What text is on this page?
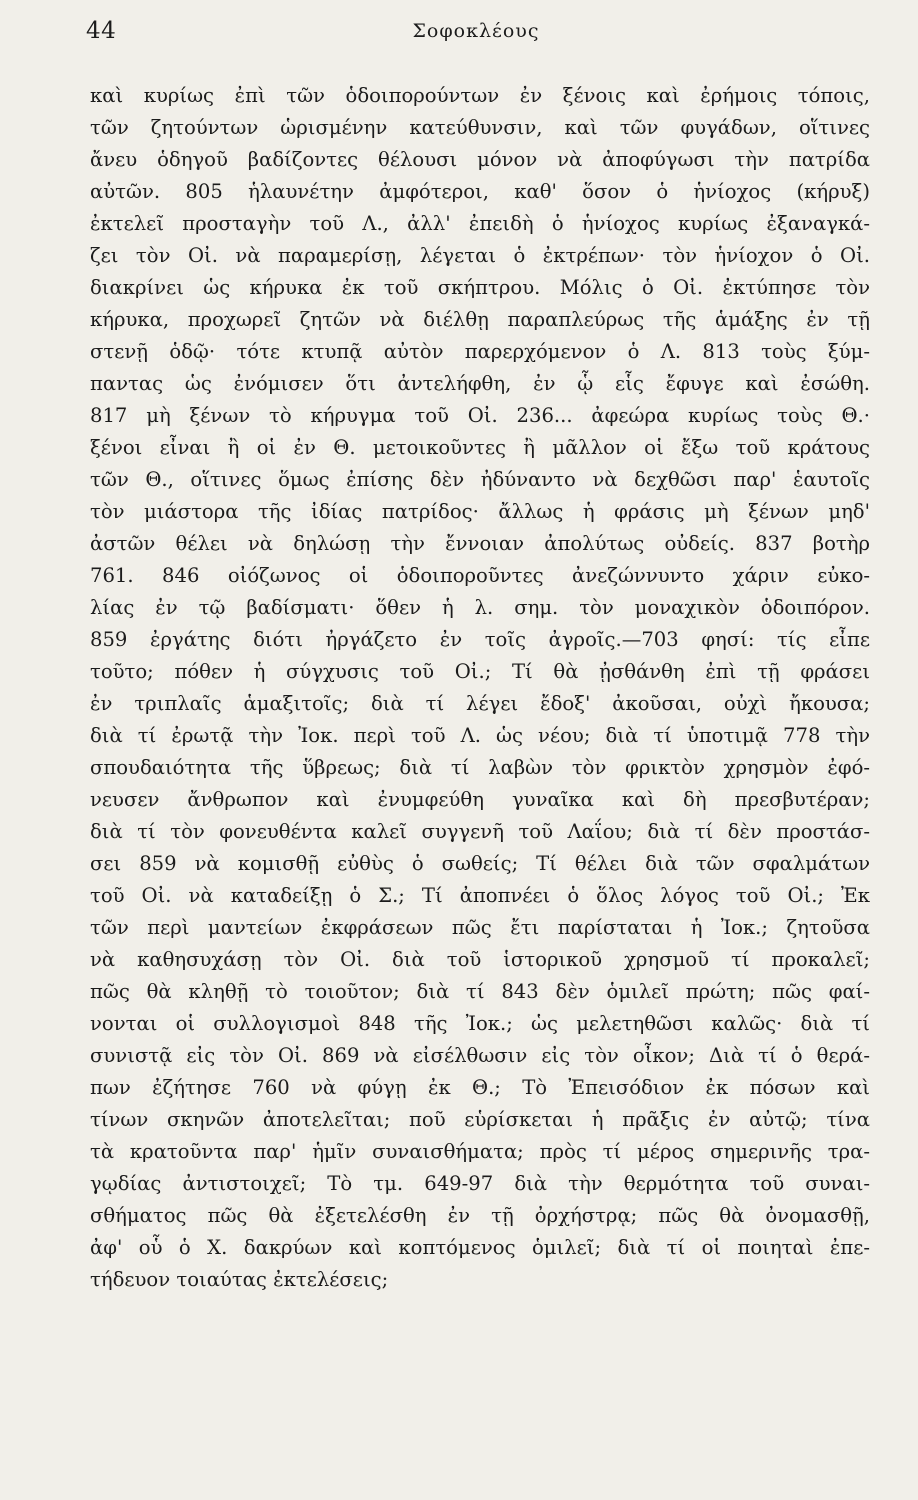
44	Σοφοκλέους
καὶ κυρίως ἐπὶ τῶν ὁδοιπορούντων ἐν ξένοις καὶ ἐρήμοις τόποις,
τῶν ζητούντων ὡρισμένην κατεύθυνσιν, καὶ τῶν φυγάδων, οἵτινες
ἄνευ ὁδηγοῦ βαδίζοντες θέλουσι μόνον νὰ ἀποφύγωσι τὴν πατρίδα
αὐτῶν. 805 ἡλαυνέτην ἀμφότεροι, καθ' ὅσον ὁ ἡνίοχος (κήρυξ)
ἐκτελεῖ προσταγὴν τοῦ Λ., ἀλλ' ἐπειδὴ ὁ ἡνίοχος κυρίως ἐξαναγκά-
ζει τὸν Οἰ. νὰ παραμερίσῃ, λέγεται ὁ ἐκτρέπων· τὸν ἡνίοχον ὁ Οἰ.
διακρίνει ὡς κήρυκα ἐκ τοῦ σκήπτρου. Μόλις ὁ Οἰ. ἐκτύπησε τὸν
κήρυκα, προχωρεῖ ζητῶν νὰ διέλθῃ παραπλεύρως τῆς ἁμάξης ἐν τῇ
στενῇ ὁδῷ· τότε κτυπᾷ αὐτὸν παρερχόμενον ὁ Λ. 813 τοὺς ξύμ-
παντας ὡς ἐνόμισεν ὅτι ἀντελήφθη, ἐν ᾧ εἷς ἔφυγε καὶ ἐσώθη.
817 μὴ ξένων τὸ κήρυγμα τοῦ Οἰ. 236... ἀφεώρα κυρίως τοὺς Θ.·
ξένοι εἶναι ἢ οἱ ἐν Θ. μετοικοῦντες ἢ μᾶλλον οἱ ἔξω τοῦ κράτους
τῶν Θ., οἵτινες ὅμως ἐπίσης δὲν ἠδύναντο νὰ δεχθῶσι παρ' ἑαυτοῖς
τὸν μιάστορα τῆς ἰδίας πατρίδος· ἄλλως ἡ φράσις μὴ ξένων μηδ'
ἀστῶν θέλει νὰ δηλώσῃ τὴν ἔννοιαν ἀπολύτως οὐδείς. 837 βοτὴρ
761. 846 οἰόζωνος οἱ ὁδοιποροῦντες ἀνεζώννυντο χάριν εὐκο-
λίας ἐν τῷ βαδίσματι· ὅθεν ἡ λ. σημ. τὸν μοναχικὸν ὁδοιπόρον.
859 ἐργάτης διότι ἠργάζετο ἐν τοῖς ἀγροῖς.—703 φησί: τίς εἶπε
τοῦτο; πόθεν ἡ σύγχυσις τοῦ Οἰ.; Τί θὰ ᾐσθάνθη ἐπὶ τῇ φράσει
ἐν τριπλαῖς ἁμαξιτοῖς; διὰ τί λέγει ἔδοξ' ἀκοῦσαι, οὐχὶ ἤκουσα;
διὰ τί ἐρωτᾷ τὴν Ἰοκ. περὶ τοῦ Λ. ὡς νέου; διὰ τί ὑποτιμᾷ 778 τὴν
σπουδαιότητα τῆς ὕβρεως; διὰ τί λαβὼν τὸν φρικτὸν χρησμὸν ἐφό-
νευσεν ἄνθρωπον καὶ ἐνυμφεύθη γυναῖκα καὶ δὴ πρεσβυτέραν;
διὰ τί τὸν φονευθέντα καλεῖ συγγενῆ τοῦ Λαΐου; διὰ τί δὲν προστάσ-
σει 859 νὰ κομισθῇ εὐθὺς ὁ σωθείς; Τί θέλει διὰ τῶν σφαλμάτων
τοῦ Οἰ. νὰ καταδείξῃ ὁ Σ.; Τί ἀποπνέει ὁ ὅλος λόγος τοῦ Οἰ.; Ἐκ
τῶν περὶ μαντείων ἐκφράσεων πῶς ἔτι παρίσταται ἡ Ἰοκ.; ζητοῦσα
νὰ καθησυχάσῃ τὸν Οἰ. διὰ τοῦ ἱστορικοῦ χρησμοῦ τί προκαλεῖ;
πῶς θὰ κληθῇ τὸ τοιοῦτον; διὰ τί 843 δὲν ὁμιλεῖ πρώτη; πῶς φαί-
νονται οἱ συλλογισμοὶ 848 τῆς Ἰοκ.; ὡς μελετηθῶσι καλῶς· διὰ τί
συνιστᾷ εἰς τὸν Οἰ. 869 νὰ εἰσέλθωσιν εἰς τὸν οἶκον; Διὰ τί ὁ θερά-
πων ἐζήτησε 760 νὰ φύγῃ ἐκ Θ.; Τὸ Ἐπεισόδιον ἐκ πόσων καὶ
τίνων σκηνῶν ἀποτελεῖται; ποῦ εὑρίσκεται ἡ πρᾶξις ἐν αὐτῷ; τίνα
τὰ κρατοῦντα παρ' ἡμῖν συναισθήματα; πρὸς τί μέρος σημερινῆς τρα-
γῳδίας ἀντιστοιχεῖ; Τὸ τμ. 649-97 διὰ τὴν θερμότητα τοῦ συναι-
σθήματος πῶς θὰ ἐξετελέσθη ἐν τῇ ὀρχήστρᾳ; πῶς θὰ ὀνομασθῇ,
ἀφ' οὗ ὁ Χ. δακρύων καὶ κοπτόμενος ὁμιλεῖ; διὰ τί οἱ ποιηταὶ ἐπε-
τήδευον τοιαύτας ἐκτελέσεις;
